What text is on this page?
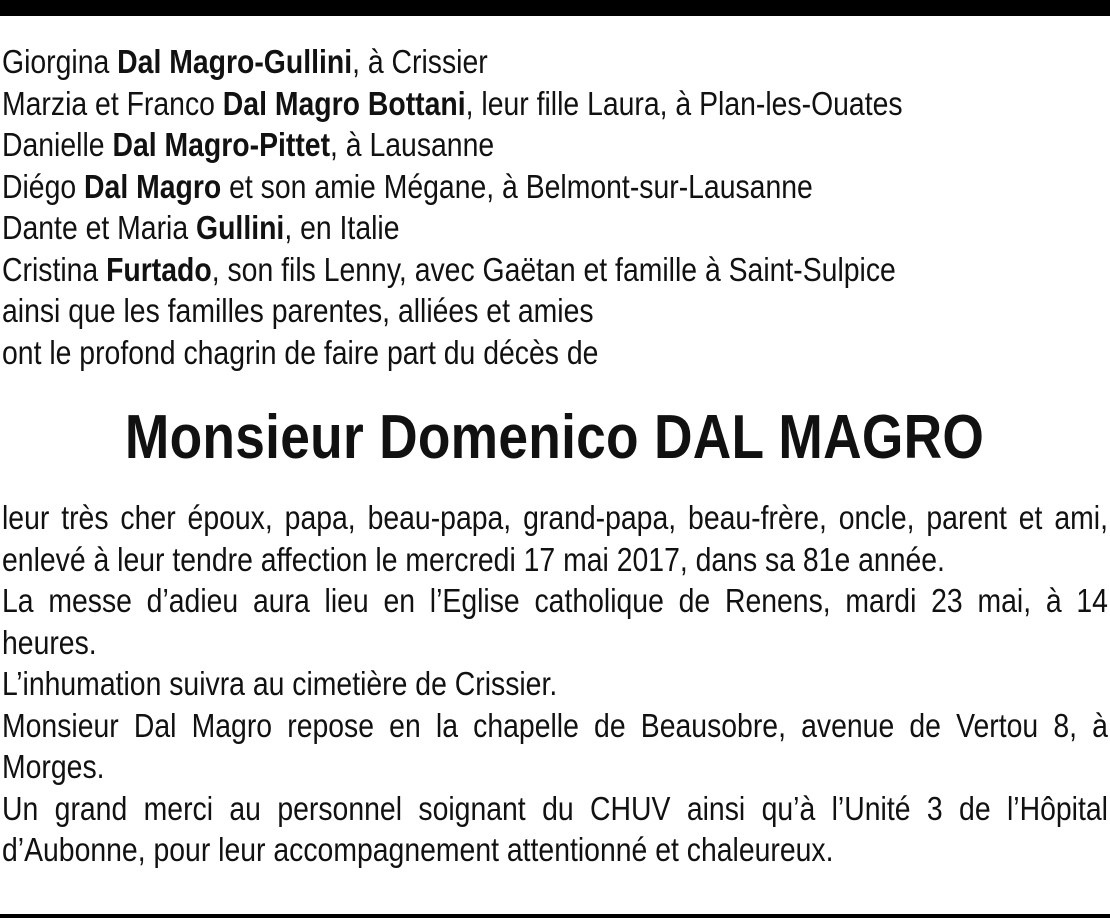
Giorgina Dal Magro-Gullini, à Crissier
Marzia et Franco Dal Magro Bottani, leur fille Laura, à Plan-les-Ouates
Danielle Dal Magro-Pittet, à Lausanne
Diégo Dal Magro et son amie Mégane, à Belmont-sur-Lausanne
Dante et Maria Gullini, en Italie
Cristina Furtado, son fils Lenny, avec Gaëtan et famille à Saint-Sulpice
ainsi que les familles parentes, alliées et amies
ont le profond chagrin de faire part du décès de
Monsieur Domenico DAL MAGRO

leur très cher époux, papa, beau-papa, grand-papa, beau-frère, oncle, parent et ami, enlevé à leur tendre affection le mercredi 17 mai 2017, dans sa 81e année.

La messe d’adieu aura lieu en l’Eglise catholique de Renens, mardi 23 mai, à 14 heures.

L’inhumation suivra au cimetière de Crissier.

Monsieur Dal Magro repose en la chapelle de Beausobre, avenue de Vertou 8, à Morges.

Un grand merci au personnel soignant du CHUV ainsi qu’à l’Unité 3 de l’Hôpital d’Aubonne, pour leur accompagnement attentionné et chaleureux.
